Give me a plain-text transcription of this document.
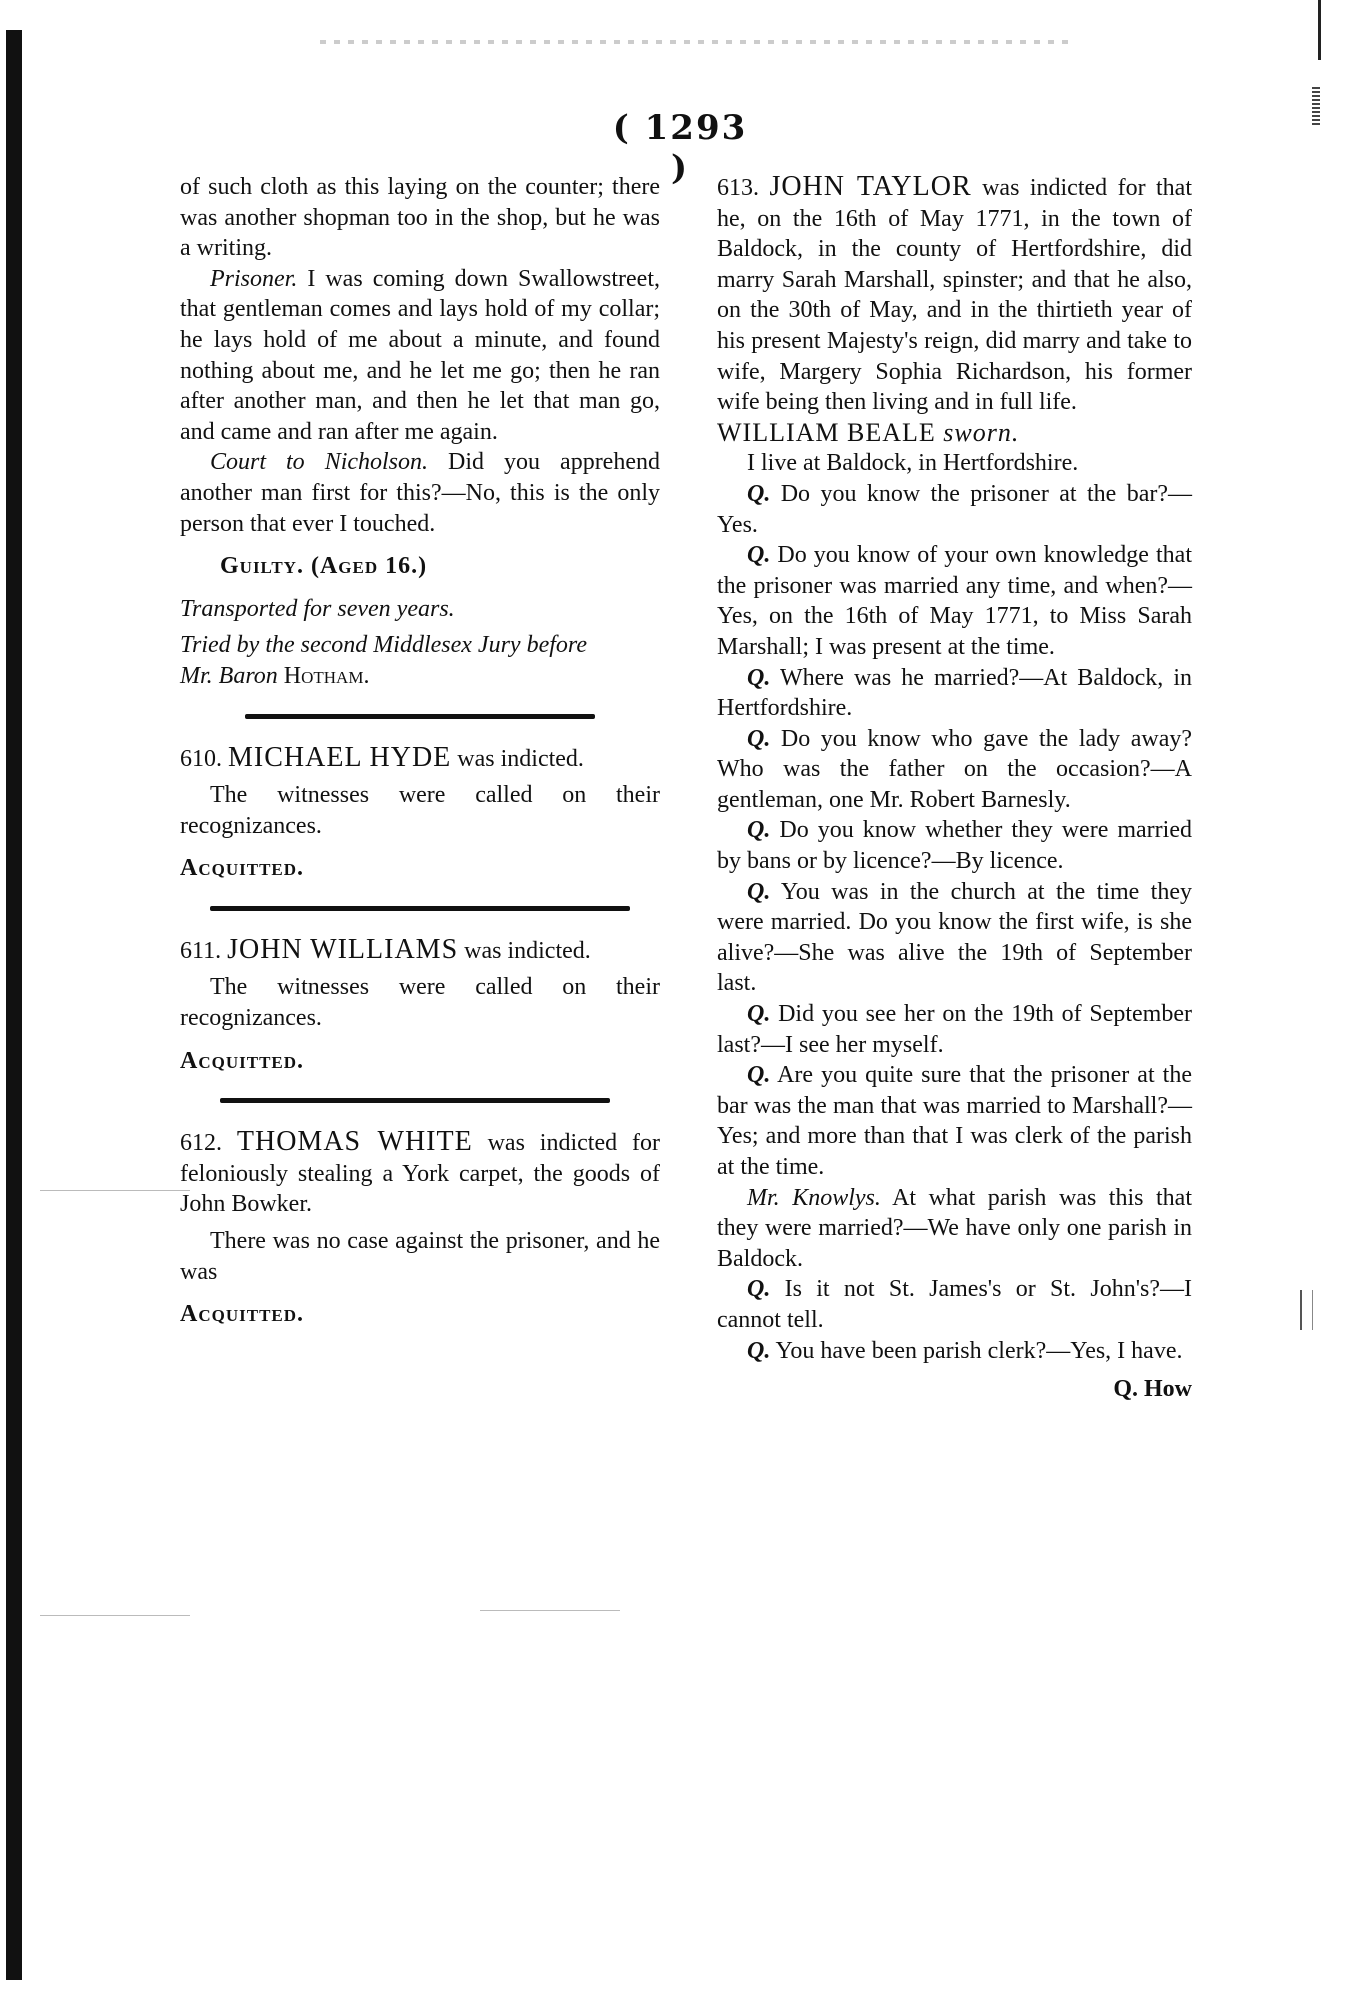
( 1293 )

of such cloth as this laying on the counter; there was another shopman too in the shop, but he was a writing.

Prisoner. I was coming down Swallowstreet, that gentleman comes and lays hold of my collar; he lays hold of me about a minute, and found nothing about me, and he let me go; then he ran after another man, and then he let that man go, and came and ran after me again.

Court to Nicholson. Did you apprehend another man first for this?—No, this is the only person that ever I touched.

Guilty. (Aged 16.)

Transported for seven years.

Tried by the second Middlesex Jury before

Mr. Baron Hotham.

610. MICHAEL HYDE was indicted.

The witnesses were called on their recognizances.

Acquitted.

611. JOHN WILLIAMS was indicted.

The witnesses were called on their recognizances.

Acquitted.

612. THOMAS WHITE was indicted for feloniously stealing a York carpet, the goods of John Bowker.

There was no case against the prisoner, and he was

Acquitted.

613. JOHN TAYLOR was indicted for that he, on the 16th of May 1771, in the town of Baldock, in the county of Hertfordshire, did marry Sarah Marshall, spinster; and that he also, on the 30th of May, and in the thirtieth year of his present Majesty's reign, did marry and take to wife, Margery Sophia Richardson, his former wife being then living and in full life.

WILLIAM BEALE sworn.

I live at Baldock, in Hertfordshire.

Q. Do you know the prisoner at the bar?—Yes.

Q. Do you know of your own knowledge that the prisoner was married any time, and when?—Yes, on the 16th of May 1771, to Miss Sarah Marshall; I was present at the time.

Q. Where was he married?—At Baldock, in Hertfordshire.

Q. Do you know who gave the lady away? Who was the father on the occasion?—A gentleman, one Mr. Robert Barnesly.

Q. Do you know whether they were married by bans or by licence?—By licence.

Q. You was in the church at the time they were married. Do you know the first wife, is she alive?—She was alive the 19th of September last.

Q. Did you see her on the 19th of September last?—I see her myself.

Q. Are you quite sure that the prisoner at the bar was the man that was married to Marshall?—Yes; and more than that I was clerk of the parish at the time.

Mr. Knowlys. At what parish was this that they were married?—We have only one parish in Baldock.

Q. Is it not St. James's or St. John's?—I cannot tell.

Q. You have been parish clerk?—Yes, I have.

Q. How
